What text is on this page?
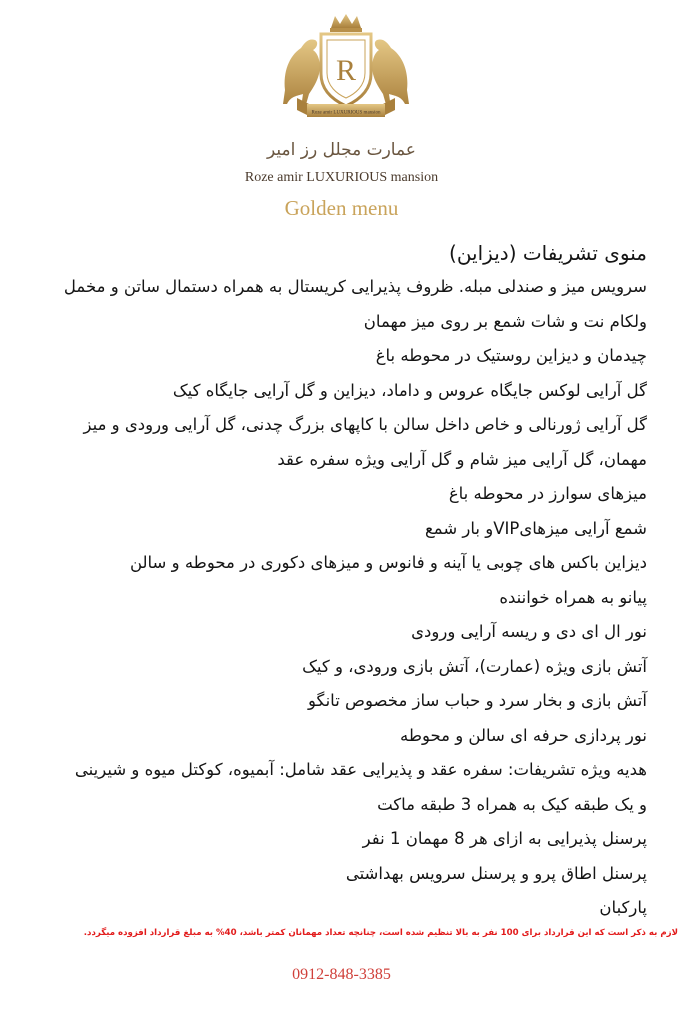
R
Roze amir LUXURIOUS mansion
عمارت مجلل رز امیر
Roze amir LUXURIOUS mansion
Golden menu
منوی تشریفات (دیزاین)
سرویس میز و صندلی مبله. ظروف پذیرایی کریستال به همراه دستمال ساتن و مخمل
ولکام نت و شات شمع بر روی میز مهمان
چیدمان و دیزاین روستیک در محوطه باغ
گل آرایی لوکس جایگاه عروس و داماد، دیزاین و گل آرایی جایگاه کیک
گل آرایی ژورنالی و خاص داخل سالن با کاپهای بزرگ چدنی، گل آرایی ورودی و میز
مهمان، گل آرایی میز شام و گل آرایی ویژه سفره عقد
میزهای سوارز در محوطه باغ
شمع آرایی میزهایVIPو بار شمع
دیزاین باکس های چوبی یا آینه و فانوس و میزهای دکوری در محوطه و سالن
پیانو به همراه خواننده
نور ال ای دی و ریسه آرایی ورودی
آتش بازی ویژه (عمارت)، آتش بازی ورودی، و کیک
آتش بازی و بخار سرد و حباب ساز مخصوص تانگو
نور پردازی حرفه ای سالن و محوطه
هدیه ویژه تشریفات: سفره عقد و پذیرایی عقد شامل: آبمیوه، کوکتل میوه و شیرینی
و یک طبقه کیک به همراه 3 طبقه ماکت
پرسنل پذیرایی به ازای هر 8 مهمان 1 نفر
پرسنل اطاق پرو و پرسنل سرویس بهداشتی
پارکبان
لازم به ذکر است که این قرارداد برای 100 نفر به بالا تنظیم شده است، چنانچه تعداد مهمانان کمتر باشد، 40% به مبلغ قرارداد افزوده میگردد.
0912-848-3385
